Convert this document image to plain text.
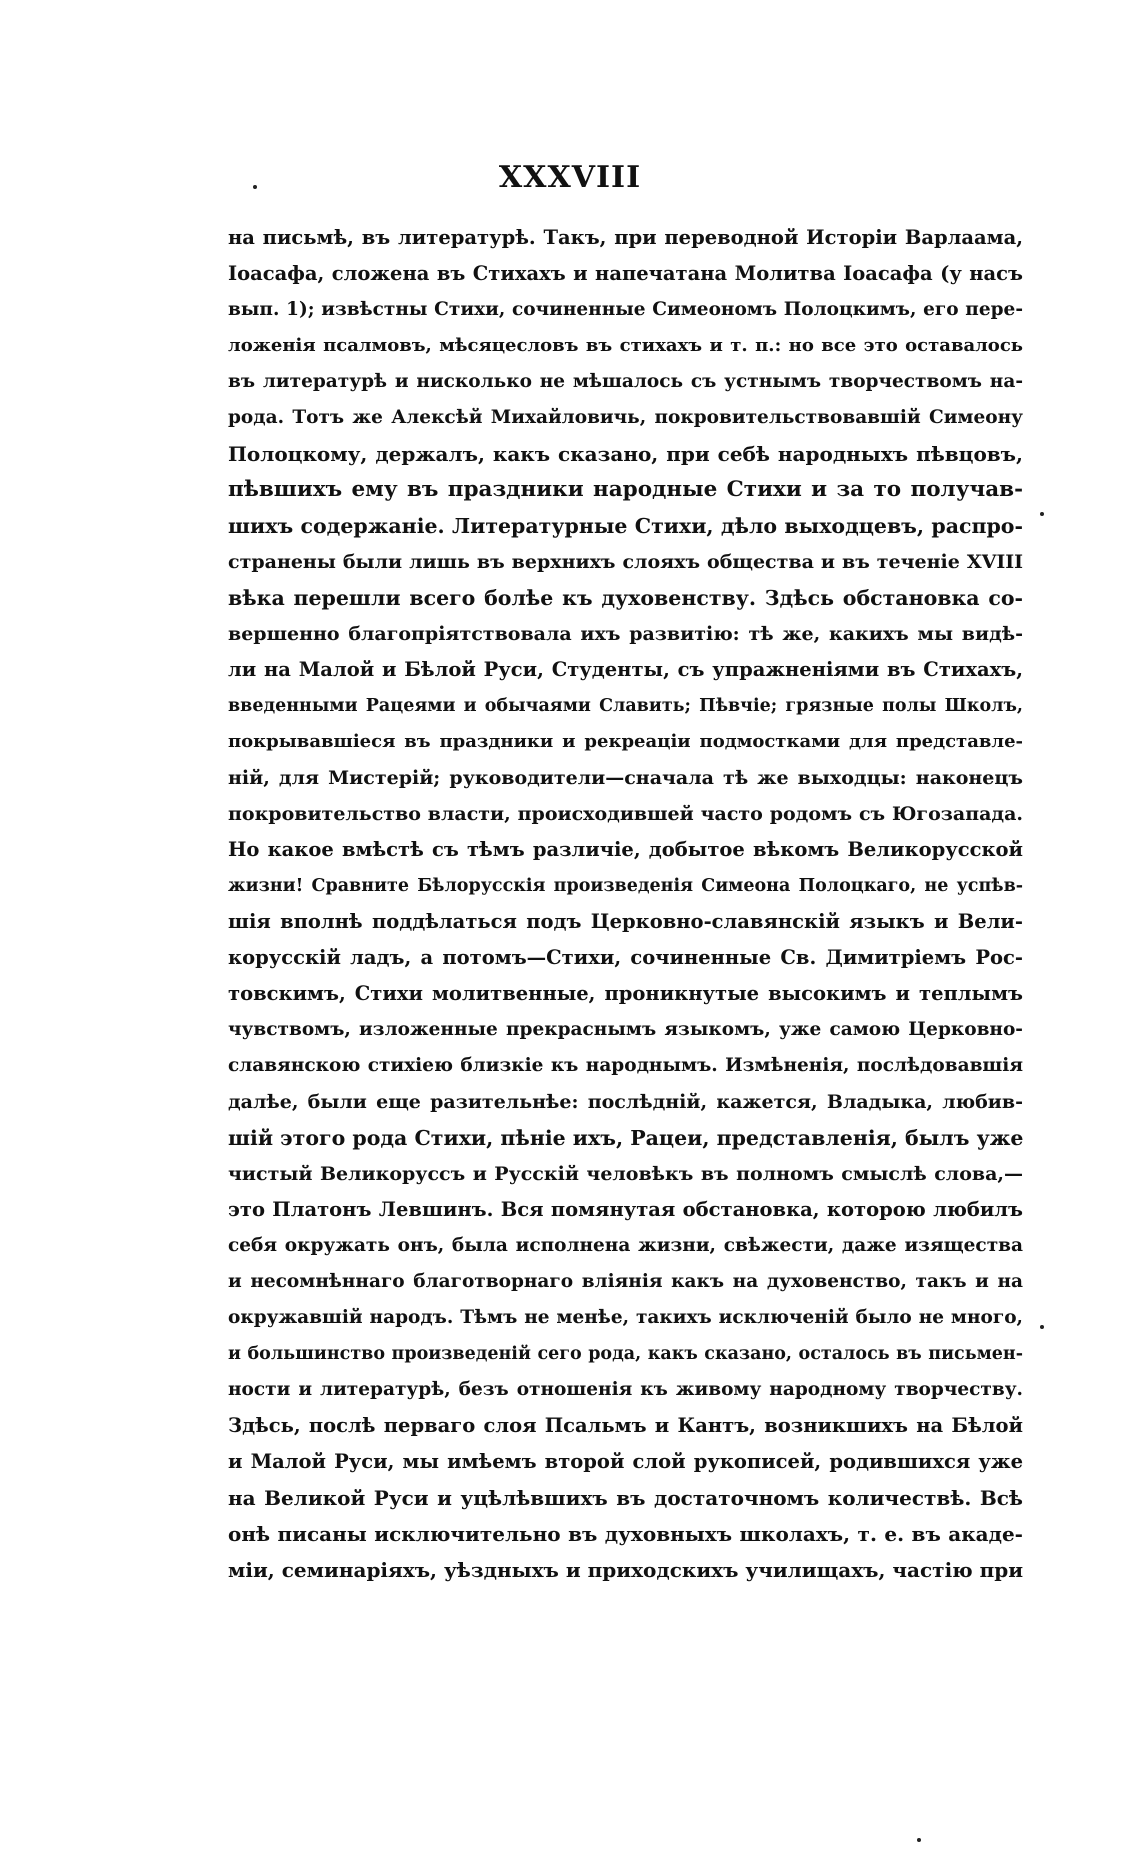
XXXVIII
на письмѣ, въ литературѣ. Такъ, при переводной Исторіи Варлаама,
Іоасафа, сложена въ Стихахъ и напечатана Молитва Іоасафа (у насъ
вып. 1); извѣстны Стихи, сочиненные Симеономъ Полоцкимъ, его пере-
ложенія псалмовъ, мѣсяцесловъ въ стихахъ и т. п.: но все это оставалось
въ литературѣ и нисколько не мѣшалось съ устнымъ творчествомъ на-
рода. Тотъ же Алексѣй Михайловичь, покровительствовавшій Симеону
Полоцкому, держалъ, какъ сказано, при себѣ народныхъ пѣвцовъ,
пѣвшихъ ему въ праздники народные Стихи и за то получав-
шихъ содержаніе. Литературные Стихи, дѣло выходцевъ, распро-
странены были лишь въ верхнихъ слояхъ общества и въ теченіе XVIII
вѣка перешли всего болѣе къ духовенству. Здѣсь обстановка со-
вершенно благопріятствовала ихъ развитію: тѣ же, какихъ мы видѣ-
ли на Малой и Бѣлой Руси, Студенты, съ упражненіями въ Стихахъ,
введенными Рацеями и обычаями Славить; Пѣвчіе; грязные полы Школъ,
покрывавшіеся въ праздники и рекреаціи подмостками для представле-
ній, для Мистерій; руководители—сначала тѣ же выходцы: наконецъ
покровительство власти, происходившей часто родомъ съ Югозапада.
Но какое вмѣстѣ съ тѣмъ различіе, добытое вѣкомъ Великорусской
жизни! Сравните Бѣлорусскія произведенія Симеона Полоцкаго, не успѣв-
шія вполнѣ поддѣлаться подъ Церковно-славянскій языкъ и Вели-
корусскій ладъ, а потомъ—Стихи, сочиненные Св. Димитріемъ Рос-
товскимъ, Стихи молитвенные, проникнутые высокимъ и теплымъ
чувствомъ, изложенные прекраснымъ языкомъ, уже самою Церковно-
славянскою стихіею близкіе къ народнымъ. Измѣненія, послѣдовавшія
далѣе, были еще разительнѣе: послѣдній, кажется, Владыка, любив-
шій этого рода Стихи, пѣніе ихъ, Рацеи, представленія, былъ уже
чистый Великоруссъ и Русскій человѣкъ въ полномъ смыслѣ слова,—
это Платонъ Левшинъ. Вся помянутая обстановка, которою любилъ
себя окружать онъ, была исполнена жизни, свѣжести, даже изящества
и несомнѣннаго благотворнаго вліянія какъ на духовенство, такъ и на
окружавшій народъ. Тѣмъ не менѣе, такихъ исключеній было не много,
и большинство произведеній сего рода, какъ сказано, осталось въ письмен-
ности и литературѣ, безъ отношенія къ живому народному творчеству.
Здѣсь, послѣ перваго слоя Псальмъ и Кантъ, возникшихъ на Бѣлой
и Малой Руси, мы имѣемъ второй слой рукописей, родившихся уже
на Великой Руси и уцѣлѣвшихъ въ достаточномъ количествѣ. Всѣ
онѣ писаны исключительно въ духовныхъ школахъ, т. е. въ акаде-
міи, семинаріяхъ, уѣздныхъ и приходскихъ училищахъ, частію при
